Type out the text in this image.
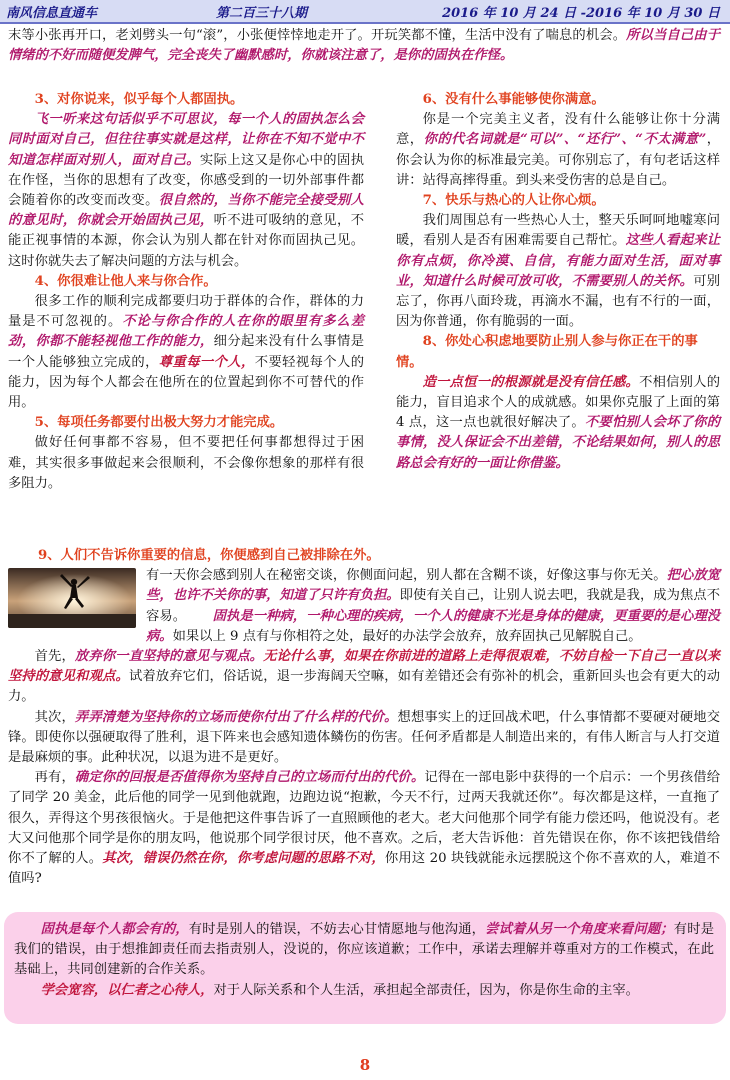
南风信息直通车	第二百三十八期	2016 年 10 月 24 日 -2016 年 10 月 30 日

末等小张再开口，老刘劈头一句“滚”，小张便悻悻地走开了。开玩笑都不懂，生活中没有了喘息的机会。所以当自己由于情绪的不好而随便发脾气，完全丧失了幽默感时，你就该注意了，是你的固执在作怪。

3、对你说来，似乎每个人都固执。

飞一听来这句话似乎不可思议，每一个人的固执怎么会同时面对自己，但往往事实就是这样，让你在不知不觉中不知道怎样面对别人，面对自己。实际上这又是你心中的固执在作怪，当你的思想有了改变，你感受到的一切外部事件都会随着你的改变而改变。很自然的，当你不能完全接受别人的意见时，你就会开始固执己见，听不进可吸纳的意见，不能正视事情的本源，你会认为别人都在针对你而固执己见。这时你就失去了解决问题的方法与机会。

4、你很难让他人来与你合作。

很多工作的顺利完成都要归功于群体的合作，群体的力量是不可忽视的。不论与你合作的人在你的眼里有多么差劲，你都不能轻视他工作的能力，细分起来没有什么事情是一个人能够独立完成的，尊重每一个人，不要轻视每个人的能力，因为每个人都会在他所在的位置起到你不可替代的作用。

5、每项任务都要付出极大努力才能完成。

做好任何事都不容易，但不要把任何事都想得过于困难，其实很多事做起来会很顺利，不会像你想象的那样有很多阻力。

6、没有什么事能够使你满意。

你是一个完美主义者，没有什么能够让你十分满意，你的代名词就是“可以”、“还行”、“不太满意”，你会认为你的标准最完美。可你别忘了，有句老话这样讲：站得高摔得重。到头来受伤害的总是自己。

7、快乐与热心的人让你心烦。

我们周围总有一些热心人士，整天乐呵呵地嘘寒问暖，看别人是否有困难需要自己帮忙。这些人看起来让你有点烦，你冷漠、自信，有能力面对生活，面对事业，知道什么时候可放可收，不需要别人的关怀。可别忘了，你再八面玲珑，再滴水不漏，也有不行的一面，因为你普通，你有脆弱的一面。

8、你处心积虑地要防止别人参与你正在干的事情。

造一点恒一的根源就是没有信任感。不相信别人的能力，盲目追求个人的成就感。如果你克服了上面的第 4 点，这一点也就很好解决了。不要怕别人会坏了你的事情，没人保证会不出差错，不论结果如何，别人的思路总会有好的一面让你借鉴。

9、人们不告诉你重要的信息，你便感到自己被排除在外。

有一天你会感到别人在秘密交谈，你侧面问起，别人都在含糊不谈，好像这事与你无关。把心放宽些，也许不关你的事，知道了只许有负担。即使有关自己，让别人说去吧，我就是我，成为焦点不容易。 固执是一种病，一种心理的疾病，一个人的健康不光是身体的健康，更重要的是心理没病。如果以上 9 点有与你相符之处，最好的办法学会放弃，放弃固执己见解脱自己。

首先，放弃你一直坚持的意见与观点。无论什么事，如果在你前进的道路上走得很艰难，不妨自检一下自己一直以来坚持的意见和观点。试着放弃它们，俗话说，退一步海阔天空嘛，如有差错还会有弥补的机会，重新回头也会有更大的动力。

其次，弄弄清楚为坚持你的立场而使你付出了什么样的代价。想想事实上的迂回战术吧，什么事情都不要硬对硬地交锋。即使你以强硬取得了胜利，退下阵来也会感知遗体鳞伤的伤害。任何矛盾都是人制造出来的，有伟人断言与人打交道是最麻烦的事。此种状况，以退为进不是更好。

再有，确定你的回报是否值得你为坚持自己的立场而付出的代价。记得在一部电影中获得的一个启示：一个男孩借给了同学 20 美金，此后他的同学一见到他就跑，边跑边说“抱歉，今天不行，过两天我就还你”。每次都是这样，一直拖了很久，弄得这个男孩很恼火。于是他把这件事告诉了一直照顾他的老大。老大问他那个同学有能力偿还吗，他说没有。老大又问他那个同学是你的朋友吗，他说那个同学很讨厌，他不喜欢。之后，老大告诉他：首先错误在你，你不该把钱借给你不了解的人。其次，错误仍然在你，你考虑问题的思路不对，你用这 20 块钱就能永远摆脱这个你不喜欢的人，难道不值吗?

固执是每个人都会有的，有时是别人的错误，不妨去心甘情愿地与他沟通，尝试着从另一个角度来看问题；有时是我们的错误，由于想推卸责任而去指责别人，没说的，你应该道歉；工作中，承诺去理解并尊重对方的工作模式，在此基础上，共同创建新的合作关系。

学会宽容，以仁者之心待人，对于人际关系和个人生活，承担起全部责任，因为，你是你生命的主宰。

8
